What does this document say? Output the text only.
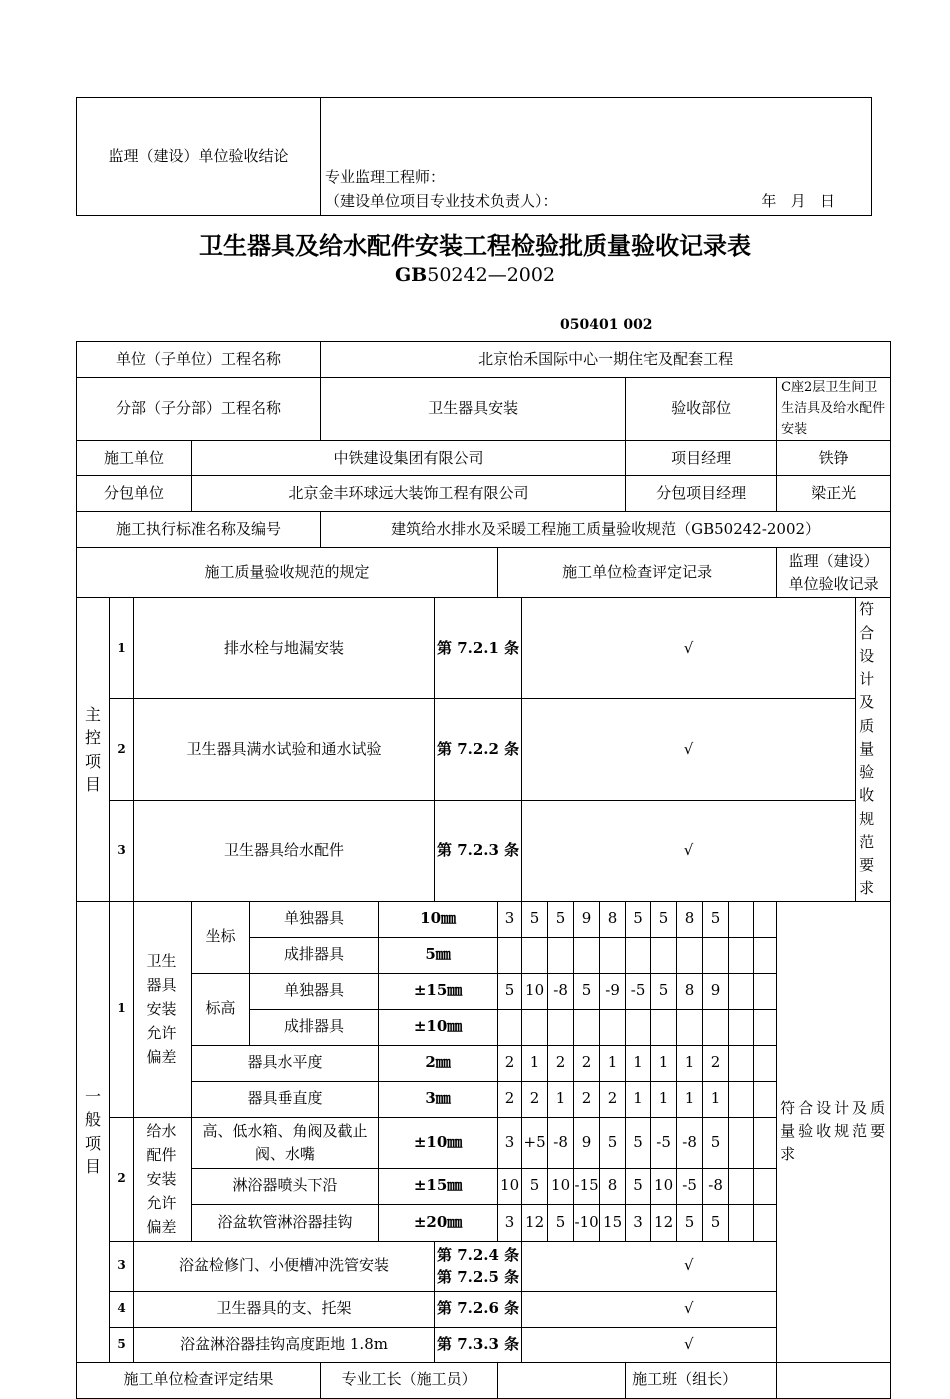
监理（建设）单位验收结论	
专业监理工程师：
（建设单位项目专业技术负责人）：	年   月   日
卫生器具及给水配件安装工程检验批质量验收记录表
GB50242—2002
050401 002
单位（子单位）工程名称					北京怡禾国际中心一期住宅及配套工程															
分部（子分部）工程名称					卫生器具安装								验收部位						C座2层卫生间卫生洁具及给水配件安装	
施工单位			中铁建设集团有限公司										项目经理						铁铮	
分包单位			北京金丰环球远大装饰工程有限公司										分包项目经理						梁正光	
施工执行标准名称及编号					建筑给水排水及采暖工程施工质量验收规范（GB50242-2002）															
施工质量验收规范的规定								施工单位检查评定记录											监理（建设）单位验收记录	
主控项目	1	排水栓与地漏安装					第 7.2.1 条		√											符合设计及质量验收规范要求
	2	卫生器具满水试验和通水试验					第 7.2.2 条		√											
	3	卫生器具给水配件					第 7.2.3 条		√											
一般项目	1	卫生器具安装允许偏差	坐标	单独器具		10㎜		3	5	5	9	8	5	5	8	5			符合设计及质量验收规范要求	
				成排器具		5㎜														
			标高	单独器具		±15㎜		5	10	-8	5	-9	-5	5	8	9				
				成排器具		±10㎜														
			器具水平度			2㎜		2	1	2	2	1	1	1	1	2				
			器具垂直度			3㎜		2	2	1	2	2	1	1	1	1				
	2	给水配件安装允许偏差	高、低水箱、角阀及截止阀、水嘴			±10㎜		3	+5	-8	9	5	5	-5	-8	5				
			淋浴器喷头下沿			±15㎜		10	5	10	-15	8	5	10	-5	-8				
			浴盆软管淋浴器挂钩			±20㎜		3	12	5	-10	15	3	12	5	5				
	3	浴盆检修门、小便槽冲洗管安装					第 7.2.4 条
第 7.2.5 条		√											
	4	卫生器具的支、托架					第 7.2.6 条		√											
	5	浴盆淋浴器挂钩高度距地 1.8m					第 7.3.3 条		√											
施工单位检查评定结果					专业工长（施工员）								施工班（组长）							
